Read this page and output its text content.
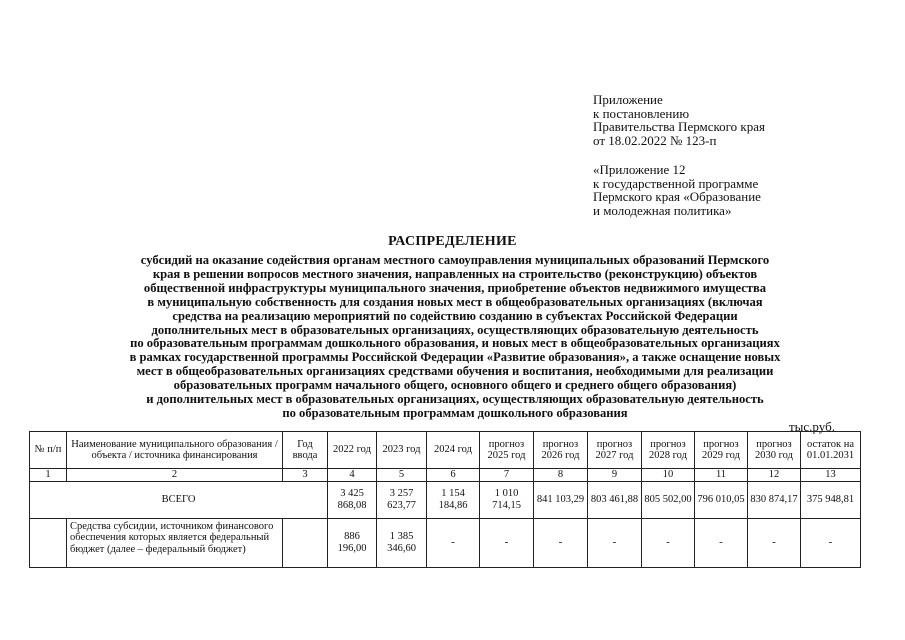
Приложение
к постановлению
Правительства Пермского края
от 18.02.2022 № 123-п
«Приложение 12
к государственной программе
Пермского края «Образование
и молодежная политика»
РАСПРЕДЕЛЕНИЕ
субсидий на оказание содействия органам местного самоуправления муниципальных образований Пермского
края в решении вопросов местного значения, направленных на строительство (реконструкцию) объектов
общественной инфраструктуры муниципального значения, приобретение объектов недвижимого имущества
в муниципальную собственность для создания новых мест в общеобразовательных организациях (включая
средства на реализацию мероприятий по содействию созданию в субъектах Российской Федерации
дополнительных мест в образовательных организациях, осуществляющих образовательную деятельность
по образовательным программам дошкольного образования, и новых мест в общеобразовательных организациях
в рамках государственной программы Российской Федерации «Развитие образования», а также оснащение новых
мест в общеобразовательных организациях средствами обучения и воспитания, необходимыми для реализации
образовательных программ начального общего, основного общего и среднего общего образования)
и дополнительных мест в образовательных организациях, осуществляющих образовательную деятельность
по образовательным программам дошкольного образования
тыс.руб.
№ п/п	Наименование муниципального образования / объекта / источника финансирования	Год ввода	2022 год	2023 год	2024 год	прогноз 2025 год	прогноз 2026 год	прогноз 2027 год	прогноз 2028 год	прогноз 2029 год	прогноз 2030 год	остаток на 01.01.2031
1	2	3	4	5	6	7	8	9	10	11	12	13
ВСЕГО			3 425 868,08	3 257 623,77	1 154 184,86	1 010 714,15	841 103,29	803 461,88	805 502,00	796 010,05	830 874,17	375 948,81
	Средства субсидии, источником финансового обеспечения которых является федеральный бюджет (далее – федеральный бюджет)		886 196,00	1 385 346,60	-	-	-	-	-	-	-	-
